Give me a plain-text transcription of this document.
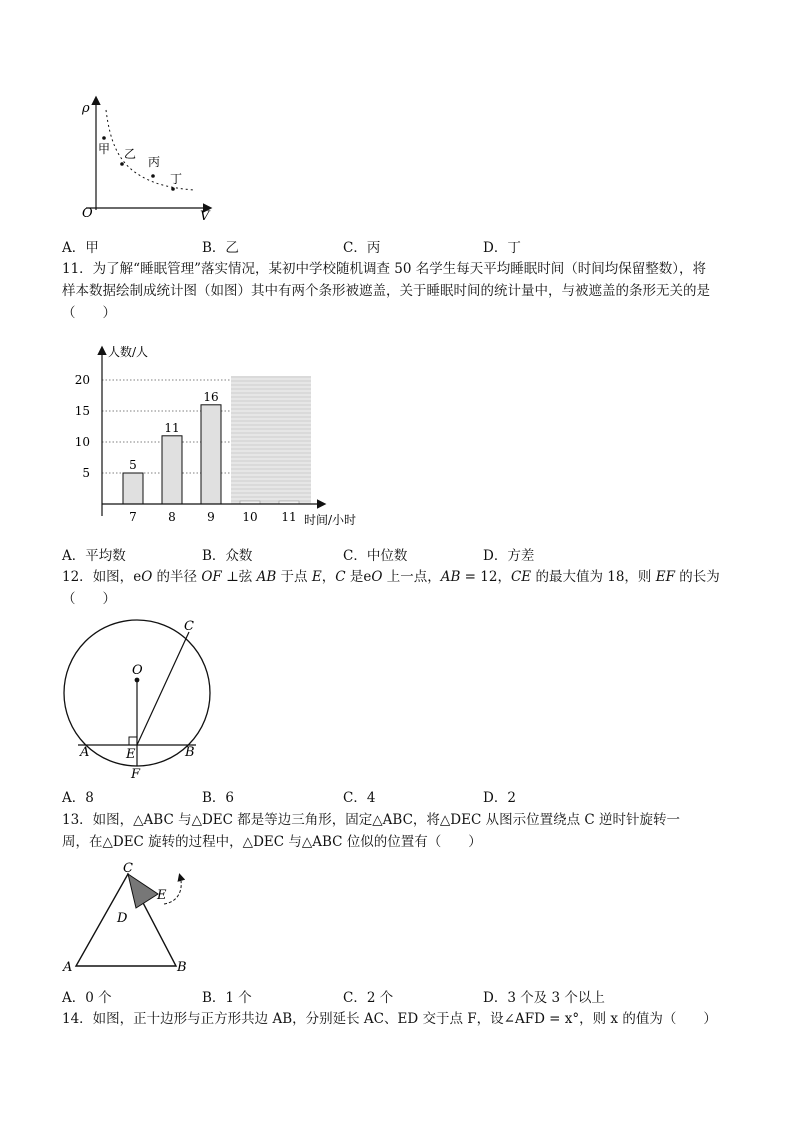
ρ
V
O
甲 乙
丙
丁
A．甲	B．乙	C．丙	D．丁
11．为了解“睡眠管理”落实情况，某初中学校随机调查 50 名学生每天平均睡眠时间（时间均保留整数），将
样本数据绘制成统计图（如图）其中有两个条形被遮盖，关于睡眠时间的统计量中，与被遮盖的条形无关的是
（　　）
5
11
16
5
10
15
20
7	8	9 10 11
人数/人
时间/小时
A．平均数	B．众数	C．中位数	D．方差
12．如图，eO 的半径 OF ⊥弦 AB 于点 E，C 是eO 上一点，AB = 12，CE 的最大值为 18，则 EF 的长为
（　　）
C
O
A	B
E
F
A．8	B．6	C．4	D．2
13．如图，△ABC 与△DEC 都是等边三角形，固定△ABC，将△DEC 从图示位置绕点 C 逆时针旋转一
周，在△DEC 旋转的过程中，△DEC 与△ABC 位似的位置有（　　）
C
E
D
A	B
A．0 个	B．1 个	C．2 个	D．3 个及 3 个以上
14．如图，正十边形与正方形共边 AB，分别延长 AC、ED 交于点 F，设∠AFD = x°，则 x 的值为（　　）
